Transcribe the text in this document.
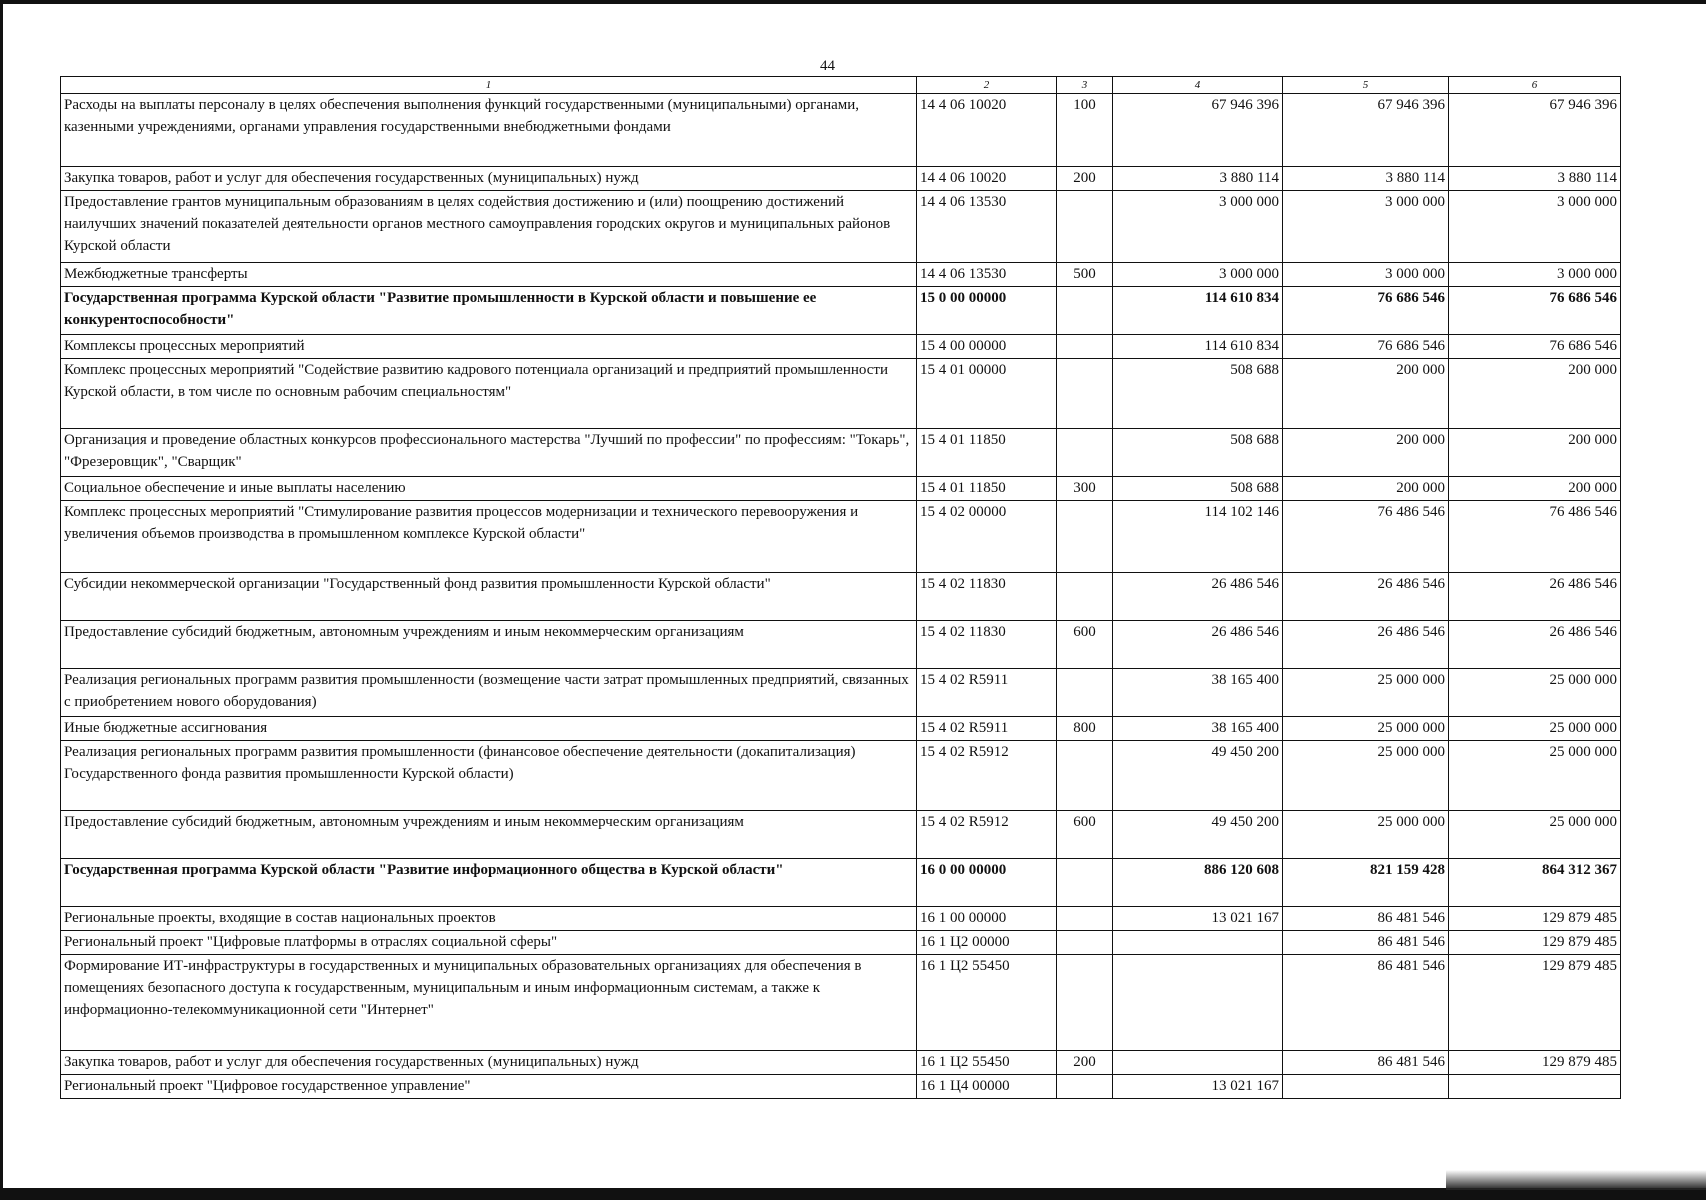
44
1	2	3	4	5	6
Расходы на выплаты персоналу в целях обеспечения выполнения функций государственными (муниципальными) органами, казенными учреждениями, органами управления государственными внебюджетными фондами	14 4 06 10020	100	67 946 396	67 946 396	67 946 396
Закупка товаров, работ и услуг для обеспечения государственных (муниципальных) нужд	14 4 06 10020	200	3 880 114	3 880 114	3 880 114
Предоставление грантов муниципальным образованиям в целях содействия достижению и (или) поощрению достижений наилучших значений показателей деятельности органов местного самоуправления городских округов и муниципальных районов Курской области	14 4 06 13530		3 000 000	3 000 000	3 000 000
Межбюджетные трансферты	14 4 06 13530	500	3 000 000	3 000 000	3 000 000
Государственная программа Курской области "Развитие промышленности в Курской области и повышение ее конкурентоспособности"	15 0 00 00000		114 610 834	76 686 546	76 686 546
Комплексы процессных мероприятий	15 4 00 00000		114 610 834	76 686 546	76 686 546
Комплекс процессных мероприятий "Содействие развитию кадрового потенциала организаций и предприятий промышленности Курской области, в том числе по основным рабочим специальностям"	15 4 01 00000		508 688	200 000	200 000
Организация и проведение областных конкурсов профессионального мастерства "Лучший по профессии" по профессиям: "Токарь", "Фрезеровщик", "Сварщик"	15 4 01 11850		508 688	200 000	200 000
Социальное обеспечение и иные выплаты населению	15 4 01 11850	300	508 688	200 000	200 000
Комплекс процессных мероприятий "Стимулирование развития процессов модернизации и технического перевооружения и увеличения объемов производства в промышленном комплексе Курской области"	15 4 02 00000		114 102 146	76 486 546	76 486 546
Субсидии некоммерческой организации "Государственный фонд развития промышленности Курской области"	15 4 02 11830		26 486 546	26 486 546	26 486 546
Предоставление субсидий бюджетным, автономным учреждениям и иным некоммерческим организациям	15 4 02 11830	600	26 486 546	26 486 546	26 486 546
Реализация региональных программ развития промышленности (возмещение части затрат промышленных предприятий, связанных с приобретением нового оборудования)	15 4 02 R5911		38 165 400	25 000 000	25 000 000
Иные бюджетные ассигнования	15 4 02 R5911	800	38 165 400	25 000 000	25 000 000
Реализация региональных программ развития промышленности (финансовое обеспечение деятельности (докапитализация) Государственного фонда развития промышленности Курской области)	15 4 02 R5912		49 450 200	25 000 000	25 000 000
Предоставление субсидий бюджетным, автономным учреждениям и иным некоммерческим организациям	15 4 02 R5912	600	49 450 200	25 000 000	25 000 000
Государственная программа Курской области "Развитие информационного общества в Курской области"	16 0 00 00000		886 120 608	821 159 428	864 312 367
Региональные проекты, входящие в состав национальных проектов	16 1 00 00000		13 021 167	86 481 546	129 879 485
Региональный проект "Цифровые платформы в отраслях социальной сферы"	16 1 Ц2 00000			86 481 546	129 879 485
Формирование ИТ-инфраструктуры в государственных и муниципальных образовательных организациях для обеспечения в помещениях безопасного доступа к государственным, муниципальным и иным информационным системам, а также к информационно-телекоммуникационной сети "Интернет"	16 1 Ц2 55450			86 481 546	129 879 485
Закупка товаров, работ и услуг для обеспечения государственных (муниципальных) нужд	16 1 Ц2 55450	200		86 481 546	129 879 485
Региональный проект "Цифровое государственное управление"	16 1 Ц4 00000		13 021 167		
